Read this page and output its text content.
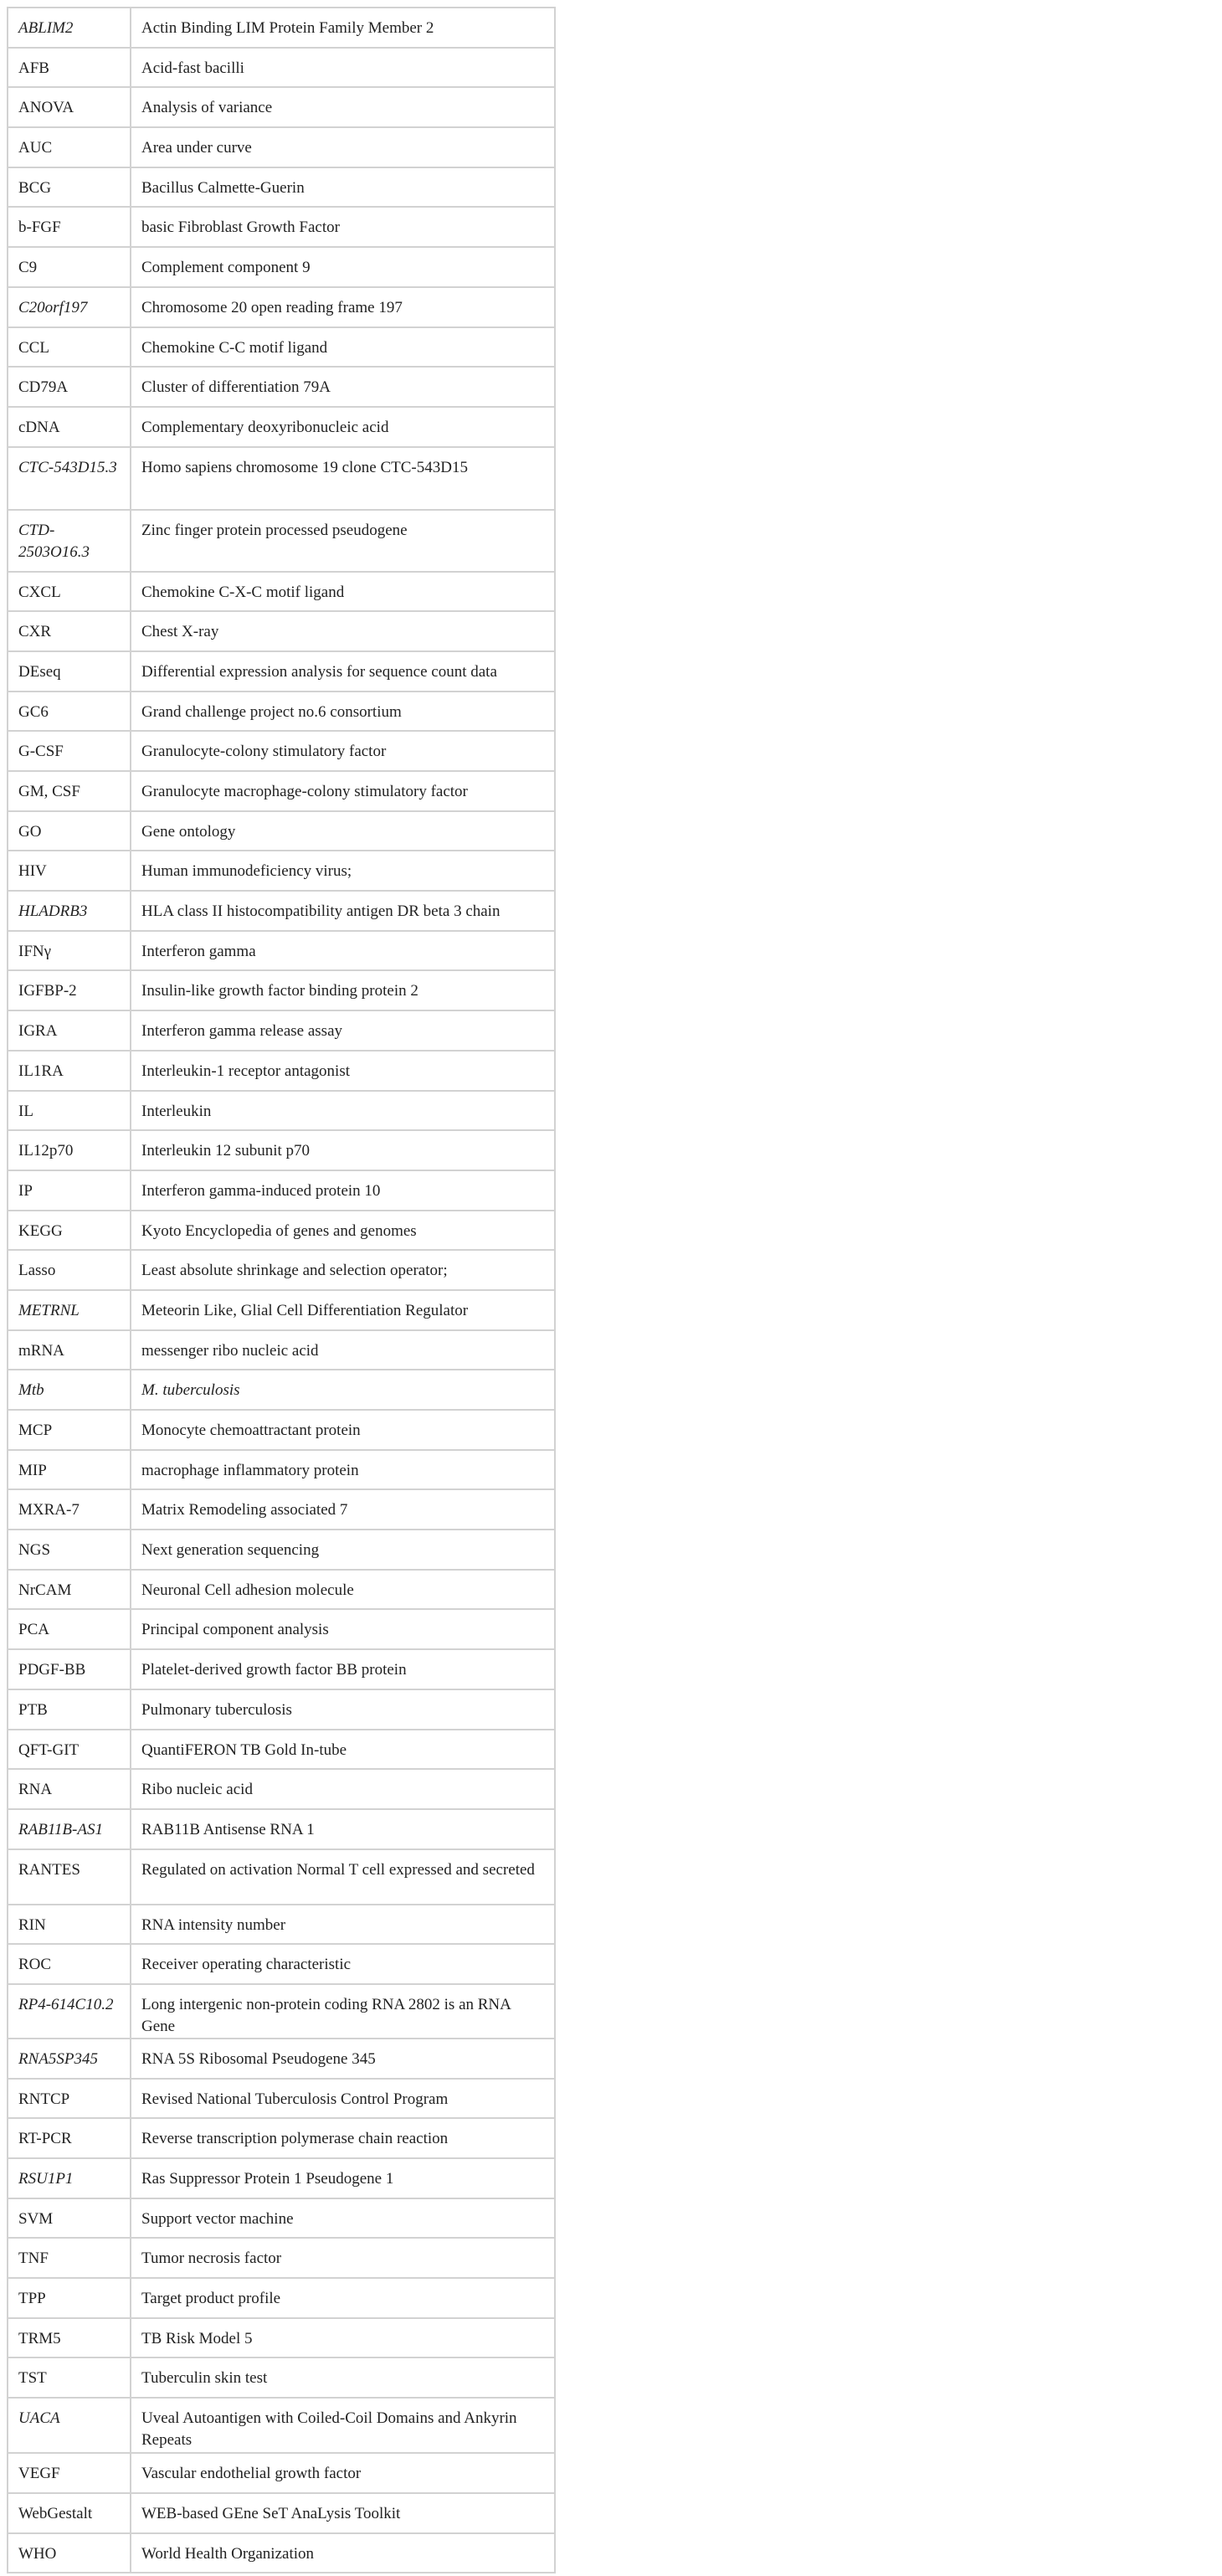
ABLIM2	Actin Binding LIM Protein Family Member 2
AFB	Acid-fast bacilli
ANOVA	Analysis of variance
AUC	Area under curve
BCG	Bacillus Calmette-Guerin
b-FGF	basic Fibroblast Growth Factor
C9	Complement component 9
C20orf197	Chromosome 20 open reading frame 197
CCL	Chemokine C-C motif ligand
CD79A	Cluster of differentiation 79A
cDNA	Complementary deoxyribonucleic acid
CTC-543D15.3	Homo sapiens chromosome 19 clone CTC-543D15
CTD-2503O16.3	Zinc finger protein processed pseudogene
CXCL	Chemokine C-X-C motif ligand
CXR	Chest X-ray
DEseq	Differential expression analysis for sequence count data
GC6	Grand challenge project no.6 consortium
G-CSF	Granulocyte-colony stimulatory factor
GM, CSF	Granulocyte macrophage-colony stimulatory factor
GO	Gene ontology
HIV	Human immunodeficiency virus;
HLADRB3	HLA class II histocompatibility antigen DR beta 3 chain
IFNγ	Interferon gamma
IGFBP-2	Insulin-like growth factor binding protein 2
IGRA	Interferon gamma release assay
IL1RA	Interleukin-1 receptor antagonist
IL	Interleukin
IL12p70	Interleukin 12 subunit p70
IP	Interferon gamma-induced protein 10
KEGG	Kyoto Encyclopedia of genes and genomes
Lasso	Least absolute shrinkage and selection operator;
METRNL	Meteorin Like, Glial Cell Differentiation Regulator
mRNA	messenger ribo nucleic acid
Mtb	M. tuberculosis
MCP	Monocyte chemoattractant protein
MIP	macrophage inflammatory protein
MXRA-7	Matrix Remodeling associated 7
NGS	Next generation sequencing
NrCAM	Neuronal Cell adhesion molecule
PCA	Principal component analysis
PDGF-BB	Platelet-derived growth factor BB protein
PTB	Pulmonary tuberculosis
QFT-GIT	QuantiFERON TB Gold In-tube
RNA	Ribo nucleic acid
RAB11B-AS1	RAB11B Antisense RNA 1
RANTES	Regulated on activation Normal T cell expressed and secreted
RIN	RNA intensity number
ROC	Receiver operating characteristic
RP4-614C10.2	Long intergenic non-protein coding RNA 2802 is an RNA Gene
RNA5SP345	RNA 5S Ribosomal Pseudogene 345
RNTCP	Revised National Tuberculosis Control Program
RT-PCR	Reverse transcription polymerase chain reaction
RSU1P1	Ras Suppressor Protein 1 Pseudogene 1
SVM	Support vector machine
TNF	Tumor necrosis factor
TPP	Target product profile
TRM5	TB Risk Model 5
TST	Tuberculin skin test
UACA	Uveal Autoantigen with Coiled-Coil Domains and Ankyrin Repeats
VEGF	Vascular endothelial growth factor
WebGestalt	WEB-based GEne SeT AnaLysis Toolkit
WHO	World Health Organization
